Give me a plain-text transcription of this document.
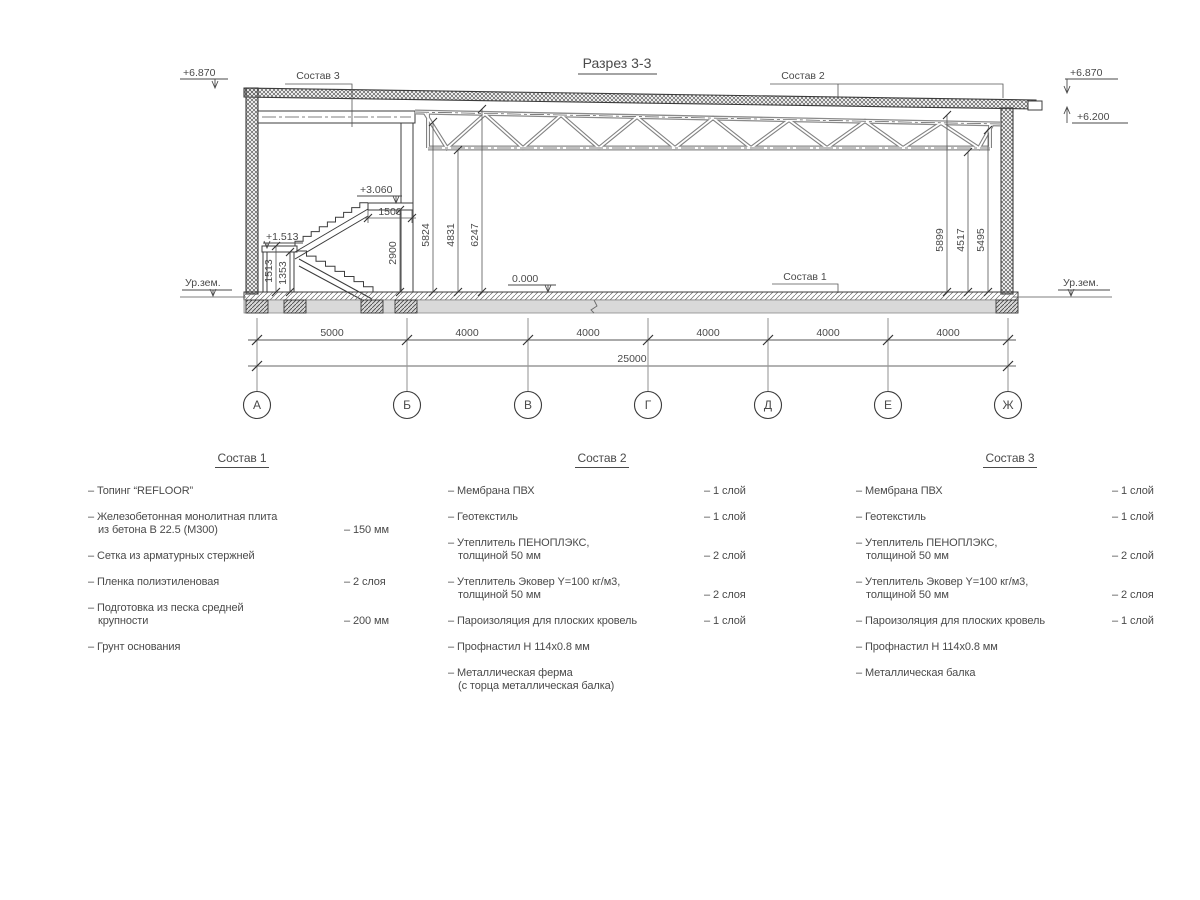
Разрез 3-3
+6.870	+6.870
+6.200
0.000
+3.060
+1.513
Ур.зем.	Ур.зем.
Состав 3	Состав 2
Состав 1
5824 4831 6247	5899 4517 5495
2900
1513 1353
1500
5000	4000	4000	4000	4000	4000
25000
А	Б	В	Г	Д	Е	Ж
Состав 1
– Топинг “REFLOOR”
– Железобетонная монолитная плита
из бетона В 22.5 (М300)	– 150 мм
– Сетка из арматурных стержней
– Пленка полиэтиленовая	– 2 слоя
– Подготовка из песка средней
крупности	– 200 мм
– Грунт основания
Состав 2
– Мембрана ПВХ	– 1 слой
– Геотекстиль	– 1 слой
– Утеплитель ПЕНОПЛЭКС,
толщиной 50 мм	– 2 слой
– Утеплитель Эковер Y=100 кг/м3,
толщиной 50 мм	– 2 слоя
– Пароизоляция для плоских кровель	– 1 слой
– Профнастил Н 114х0.8 мм
– Металлическая ферма
(с торца металлическая балка)
Состав 3
– Мембрана ПВХ	– 1 слой
– Геотекстиль	– 1 слой
– Утеплитель ПЕНОПЛЭКС,
толщиной 50 мм	– 2 слой
– Утеплитель Эковер Y=100 кг/м3,
толщиной 50 мм	– 2 слоя
– Пароизоляция для плоских кровель	– 1 слой
– Профнастил Н 114х0.8 мм
– Металлическая балка
